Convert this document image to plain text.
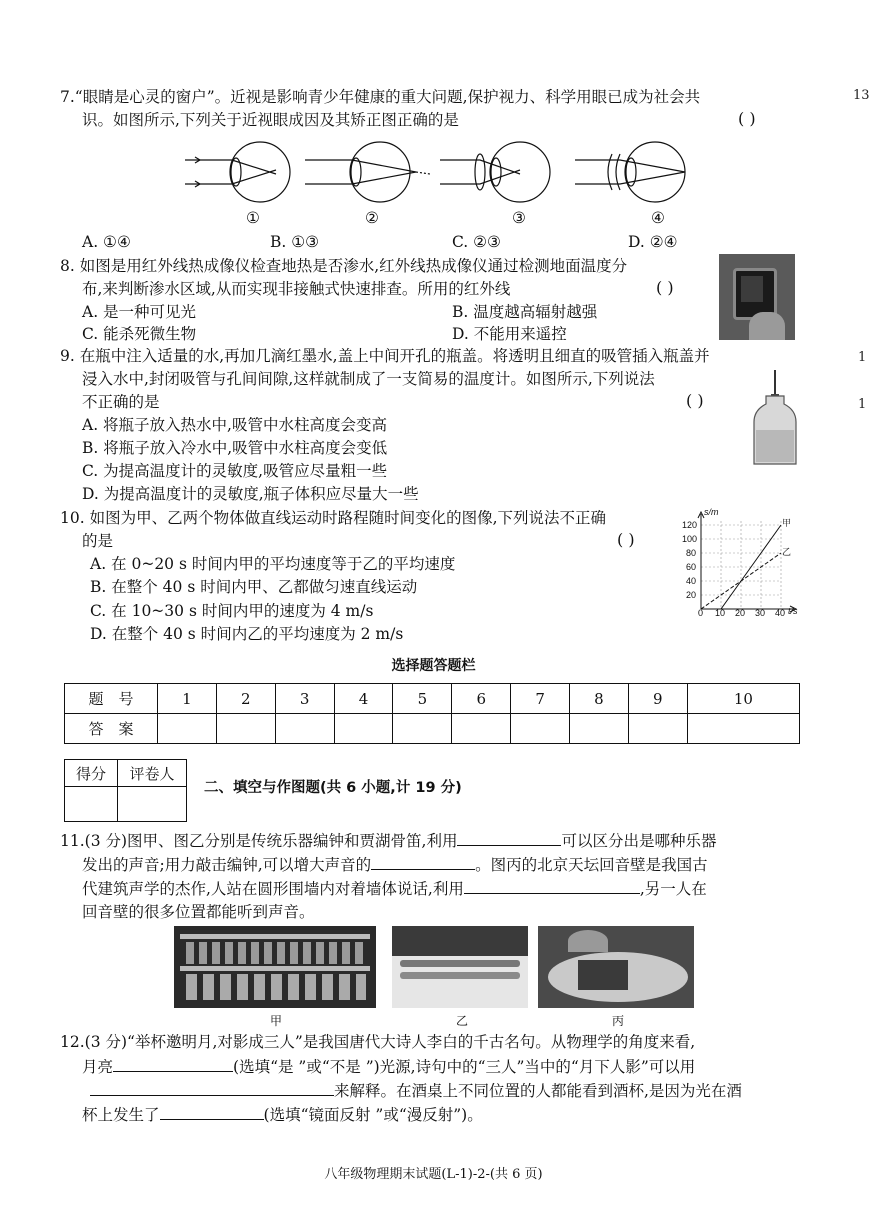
7.“眼睛是心灵的窗户”。近视是影响青少年健康的重大问题,保护视力、科学用眼已成为社会共
识。如图所示,下列关于近视眼成因及其矫正图正确的是	( )
①	②	③	④
A. ①④	B. ①③	C. ②③	D. ②④
8. 如图是用红外线热成像仪检查地热是否渗水,红外线热成像仪通过检测地面温度分
布,来判断渗水区域,从而实现非接触式快速排查。所用的红外线	( )
A. 是一种可见光	B. 温度越高辐射越强
C. 能杀死微生物	D. 不能用来遥控
9. 在瓶中注入适量的水,再加几滴红墨水,盖上中间开孔的瓶盖。将透明且细直的吸管插入瓶盖并
浸入水中,封闭吸管与孔间间隙,这样就制成了一支简易的温度计。如图所示,下列说法
不正确的是	( )
A. 将瓶子放入热水中,吸管中水柱高度会变高
B. 将瓶子放入冷水中,吸管中水柱高度会变低
C. 为提高温度计的灵敏度,吸管应尽量粗一些
D. 为提高温度计的灵敏度,瓶子体积应尽量大一些
10. 如图为甲、乙两个物体做直线运动时路程随时间变化的图像,下列说法不正确
的是	( )
A. 在 0~20 s 时间内甲的平均速度等于乙的平均速度
B. 在整个 40 s 时间内甲、乙都做匀速直线运动
C. 在 10~30 s 时间内甲的速度为 4 m/s
D. 在整个 40 s 时间内乙的平均速度为 2 m/s
s/m
t/s
120
100
80
60
40
20
0 10 20 30 40
甲
乙
选择题答题栏
题　号	1	2	3	4	5	6	7	8	9	10
答　案										
得分	评卷人

二、填空与作图题(共 6 小题,计 19 分)
11.(3 分)图甲、图乙分别是传统乐器编钟和贾湖骨笛,利用	可以区分出是哪种乐器
发出的声音;用力敲击编钟,可以增大声音的	。图丙的北京天坛回音壁是我国古
代建筑声学的杰作,人站在圆形围墙内对着墙体说话,利用	,另一人在
回音壁的很多位置都能听到声音。
甲	乙	丙
12.(3 分)“举杯邀明月,对影成三人”是我国唐代大诗人李白的千古名句。从物理学的角度来看,
月亮	(选填“是 ”或“不是 ”)光源,诗句中的“三人”当中的“月下人影”可以用
来解释。在酒桌上不同位置的人都能看到酒杯,是因为光在酒
杯上发生了	(选填“镜面反射 ”或“漫反射”)。
八年级物理期末试题(L-1)-2-(共 6 页)
13
1
1
